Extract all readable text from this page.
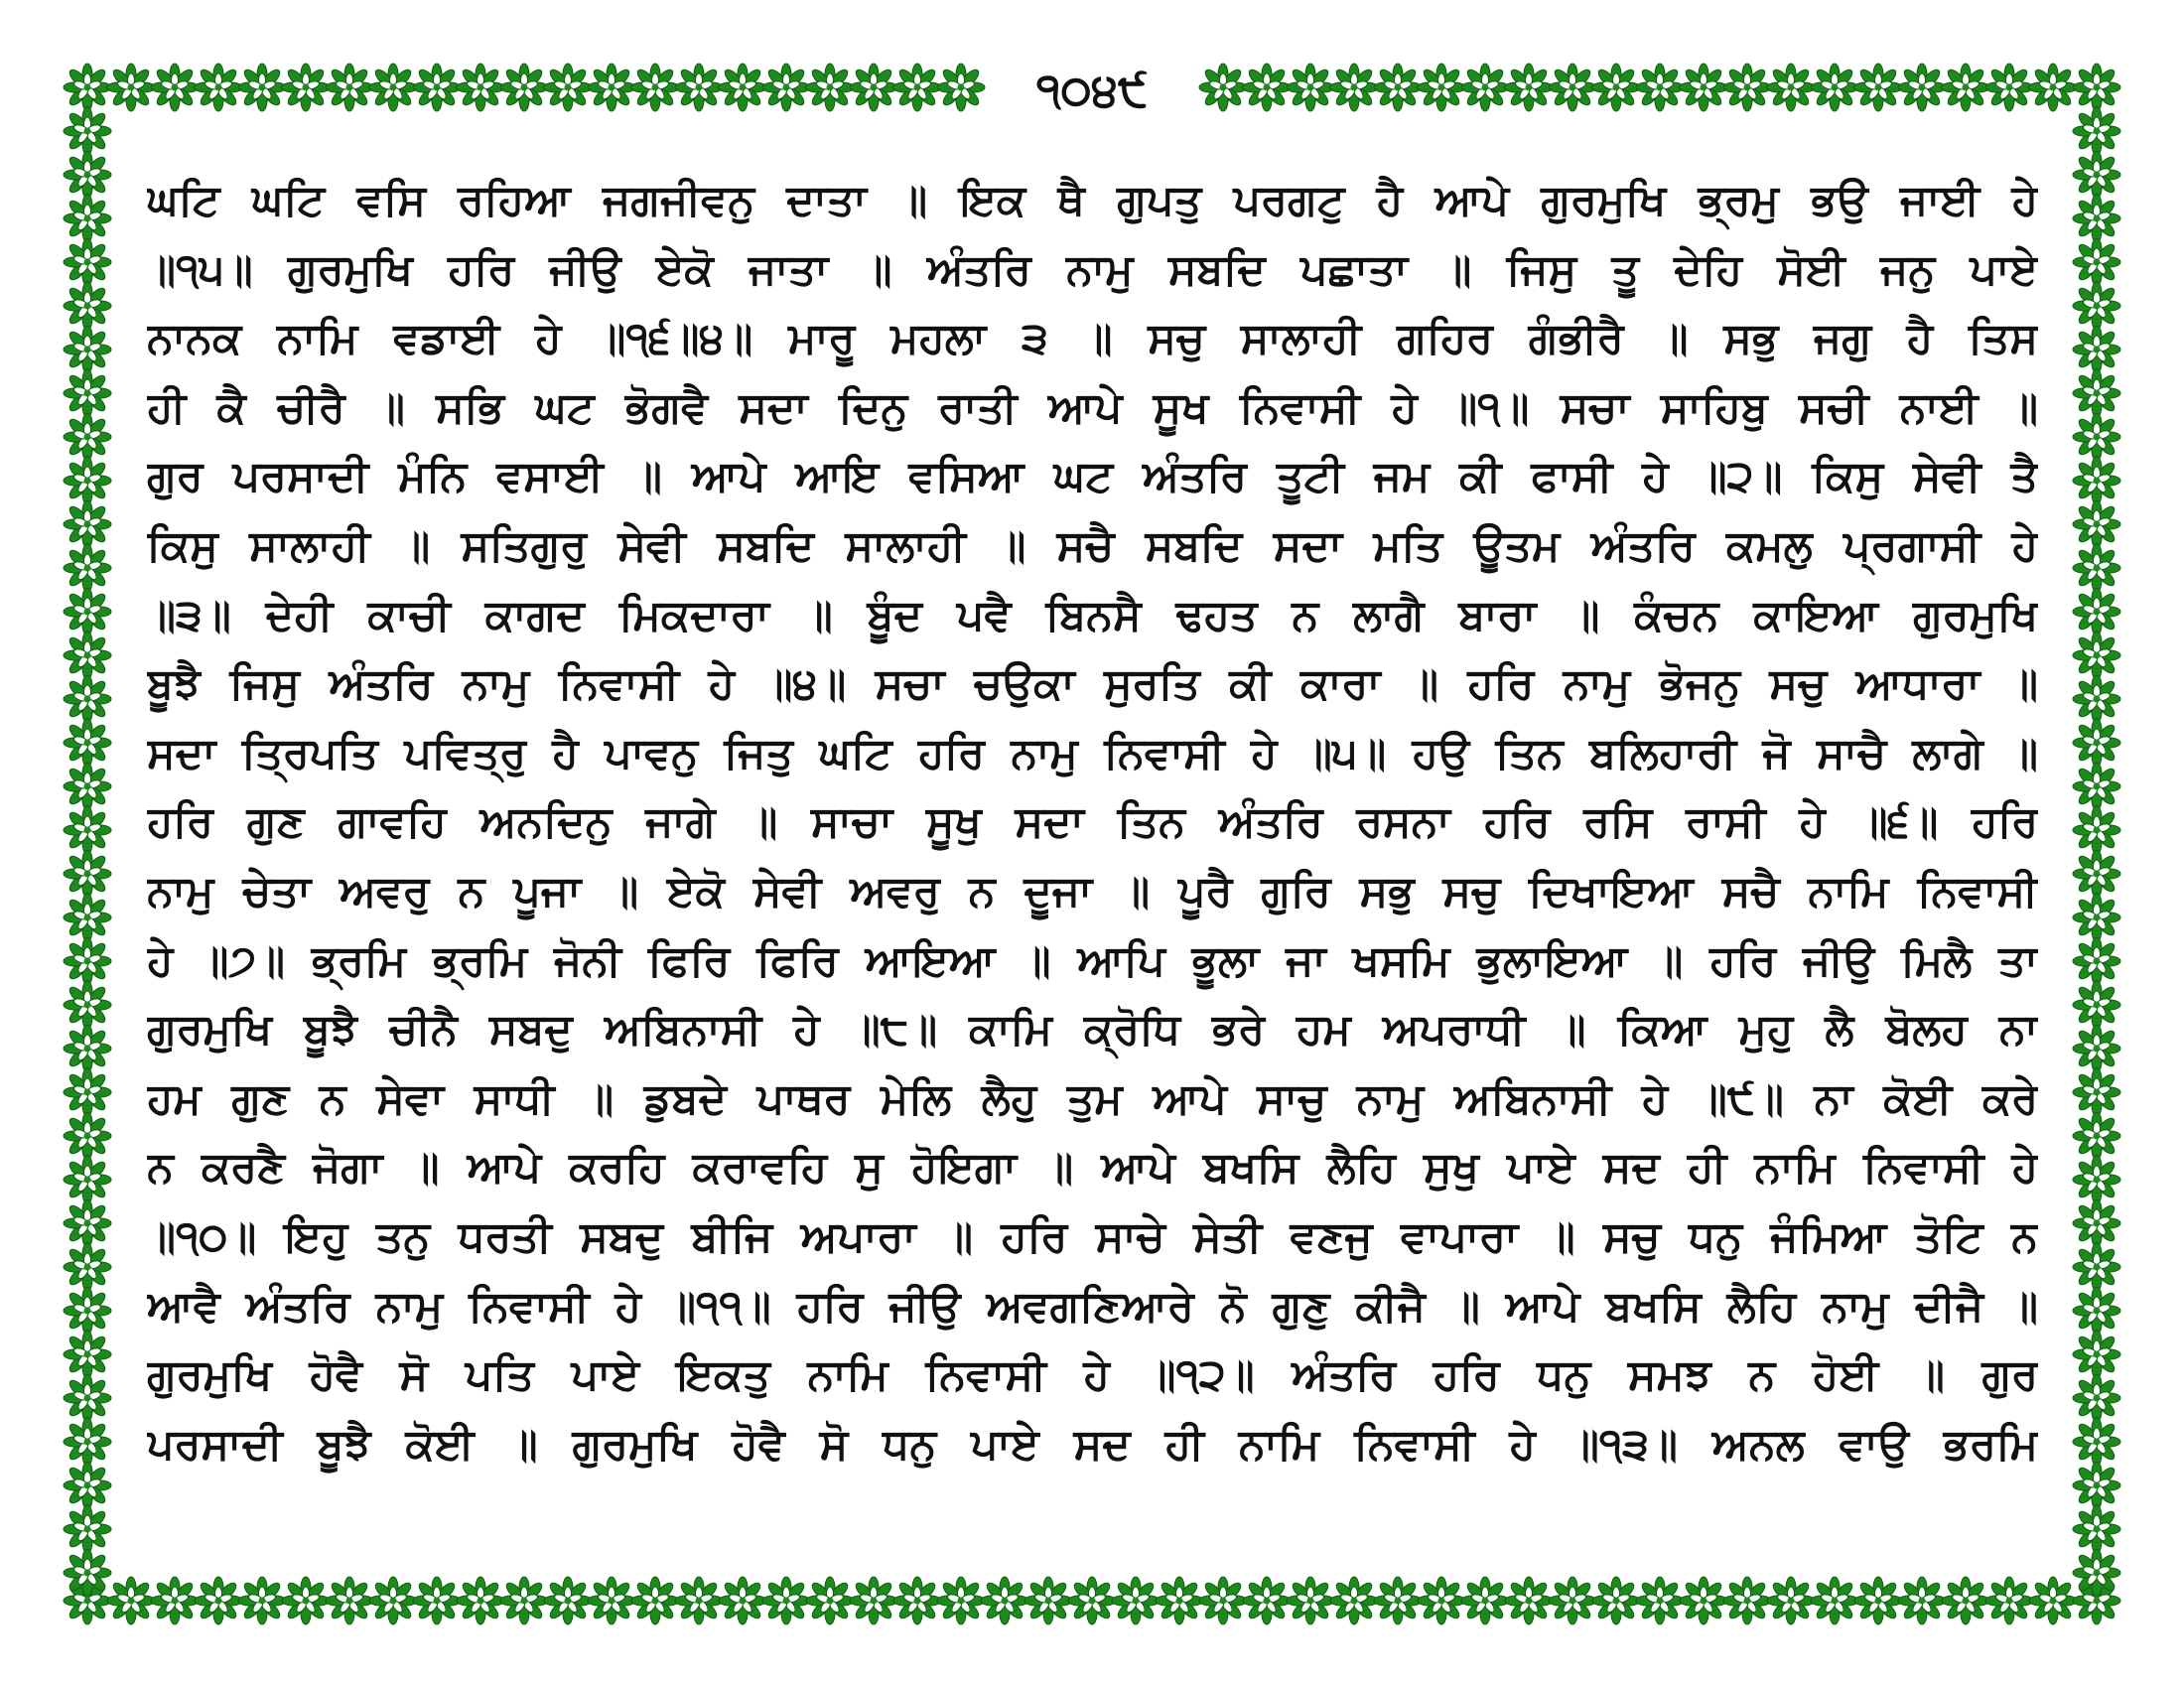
੧੦੪੯
ਘਟਿ ਘਟਿ ਵਸਿ ਰਹਿਆ ਜਗਜੀਵਨੁ ਦਾਤਾ ॥ ਇਕ ਥੈ ਗੁਪਤੁ ਪਰਗਟੁ ਹੈ ਆਪੇ ਗੁਰਮੁਖਿ ਭ੍ਰਮੁ ਭਉ ਜਾਈ ਹੇ
॥੧੫॥ ਗੁਰਮੁਖਿ ਹਰਿ ਜੀਉ ਏਕੋ ਜਾਤਾ ॥ ਅੰਤਰਿ ਨਾਮੁ ਸਬਦਿ ਪਛਾਤਾ ॥ ਜਿਸੁ ਤੂ ਦੇਹਿ ਸੋਈ ਜਨੁ ਪਾਏ
ਨਾਨਕ ਨਾਮਿ ਵਡਾਈ ਹੇ ॥੧੬॥੪॥ ਮਾਰੂ ਮਹਲਾ ੩ ॥ ਸਚੁ ਸਾਲਾਹੀ ਗਹਿਰ ਗੰਭੀਰੈ ॥ ਸਭੁ ਜਗੁ ਹੈ ਤਿਸ
ਹੀ ਕੈ ਚੀਰੈ ॥ ਸਭਿ ਘਟ ਭੋਗਵੈ ਸਦਾ ਦਿਨੁ ਰਾਤੀ ਆਪੇ ਸੂਖ ਨਿਵਾਸੀ ਹੇ ॥੧॥ ਸਚਾ ਸਾਹਿਬੁ ਸਚੀ ਨਾਈ ॥
ਗੁਰ ਪਰਸਾਦੀ ਮੰਨਿ ਵਸਾਈ ॥ ਆਪੇ ਆਇ ਵਸਿਆ ਘਟ ਅੰਤਰਿ ਤੂਟੀ ਜਮ ਕੀ ਫਾਸੀ ਹੇ ॥੨॥ ਕਿਸੁ ਸੇਵੀ ਤੈ
ਕਿਸੁ ਸਾਲਾਹੀ ॥ ਸਤਿਗੁਰੁ ਸੇਵੀ ਸਬਦਿ ਸਾਲਾਹੀ ॥ ਸਚੈ ਸਬਦਿ ਸਦਾ ਮਤਿ ਊਤਮ ਅੰਤਰਿ ਕਮਲੁ ਪ੍ਰਗਾਸੀ ਹੇ
॥੩॥ ਦੇਹੀ ਕਾਚੀ ਕਾਗਦ ਮਿਕਦਾਰਾ ॥ ਬੂੰਦ ਪਵੈ ਬਿਨਸੈ ਢਹਤ ਨ ਲਾਗੈ ਬਾਰਾ ॥ ਕੰਚਨ ਕਾਇਆ ਗੁਰਮੁਖਿ
ਬੂਝੈ ਜਿਸੁ ਅੰਤਰਿ ਨਾਮੁ ਨਿਵਾਸੀ ਹੇ ॥੪॥ ਸਚਾ ਚਉਕਾ ਸੁਰਤਿ ਕੀ ਕਾਰਾ ॥ ਹਰਿ ਨਾਮੁ ਭੋਜਨੁ ਸਚੁ ਆਧਾਰਾ ॥
ਸਦਾ ਤ੍ਰਿਪਤਿ ਪਵਿਤ੍ਰੁ ਹੈ ਪਾਵਨੁ ਜਿਤੁ ਘਟਿ ਹਰਿ ਨਾਮੁ ਨਿਵਾਸੀ ਹੇ ॥੫॥ ਹਉ ਤਿਨ ਬਲਿਹਾਰੀ ਜੋ ਸਾਚੈ ਲਾਗੇ ॥
ਹਰਿ ਗੁਣ ਗਾਵਹਿ ਅਨਦਿਨੁ ਜਾਗੇ ॥ ਸਾਚਾ ਸੂਖੁ ਸਦਾ ਤਿਨ ਅੰਤਰਿ ਰਸਨਾ ਹਰਿ ਰਸਿ ਰਾਸੀ ਹੇ ॥੬॥ ਹਰਿ
ਨਾਮੁ ਚੇਤਾ ਅਵਰੁ ਨ ਪੂਜਾ ॥ ਏਕੋ ਸੇਵੀ ਅਵਰੁ ਨ ਦੂਜਾ ॥ ਪੂਰੈ ਗੁਰਿ ਸਭੁ ਸਚੁ ਦਿਖਾਇਆ ਸਚੈ ਨਾਮਿ ਨਿਵਾਸੀ
ਹੇ ॥੭॥ ਭ੍ਰਮਿ ਭ੍ਰਮਿ ਜੋਨੀ ਫਿਰਿ ਫਿਰਿ ਆਇਆ ॥ ਆਪਿ ਭੂਲਾ ਜਾ ਖਸਮਿ ਭੁਲਾਇਆ ॥ ਹਰਿ ਜੀਉ ਮਿਲੈ ਤਾ
ਗੁਰਮੁਖਿ ਬੂਝੈ ਚੀਨੈ ਸਬਦੁ ਅਬਿਨਾਸੀ ਹੇ ॥੮॥ ਕਾਮਿ ਕ੍ਰੋਧਿ ਭਰੇ ਹਮ ਅਪਰਾਧੀ ॥ ਕਿਆ ਮੁਹੁ ਲੈ ਬੋਲਹ ਨਾ
ਹਮ ਗੁਣ ਨ ਸੇਵਾ ਸਾਧੀ ॥ ਡੁਬਦੇ ਪਾਥਰ ਮੇਲਿ ਲੈਹੁ ਤੁਮ ਆਪੇ ਸਾਚੁ ਨਾਮੁ ਅਬਿਨਾਸੀ ਹੇ ॥੯॥ ਨਾ ਕੋਈ ਕਰੇ
ਨ ਕਰਣੈ ਜੋਗਾ ॥ ਆਪੇ ਕਰਹਿ ਕਰਾਵਹਿ ਸੁ ਹੋਇਗਾ ॥ ਆਪੇ ਬਖਸਿ ਲੈਹਿ ਸੁਖੁ ਪਾਏ ਸਦ ਹੀ ਨਾਮਿ ਨਿਵਾਸੀ ਹੇ
॥੧੦॥ ਇਹੁ ਤਨੁ ਧਰਤੀ ਸਬਦੁ ਬੀਜਿ ਅਪਾਰਾ ॥ ਹਰਿ ਸਾਚੇ ਸੇਤੀ ਵਣਜੁ ਵਾਪਾਰਾ ॥ ਸਚੁ ਧਨੁ ਜੰਮਿਆ ਤੋਟਿ ਨ
ਆਵੈ ਅੰਤਰਿ ਨਾਮੁ ਨਿਵਾਸੀ ਹੇ ॥੧੧॥ ਹਰਿ ਜੀਉ ਅਵਗਣਿਆਰੇ ਨੋ ਗੁਣੁ ਕੀਜੈ ॥ ਆਪੇ ਬਖਸਿ ਲੈਹਿ ਨਾਮੁ ਦੀਜੈ ॥
ਗੁਰਮੁਖਿ ਹੋਵੈ ਸੋ ਪਤਿ ਪਾਏ ਇਕਤੁ ਨਾਮਿ ਨਿਵਾਸੀ ਹੇ ॥੧੨॥ ਅੰਤਰਿ ਹਰਿ ਧਨੁ ਸਮਝ ਨ ਹੋਈ ॥ ਗੁਰ
ਪਰਸਾਦੀ ਬੂਝੈ ਕੋਈ ॥ ਗੁਰਮੁਖਿ ਹੋਵੈ ਸੋ ਧਨੁ ਪਾਏ ਸਦ ਹੀ ਨਾਮਿ ਨਿਵਾਸੀ ਹੇ ॥੧੩॥ ਅਨਲ ਵਾਉ ਭਰਮਿ
